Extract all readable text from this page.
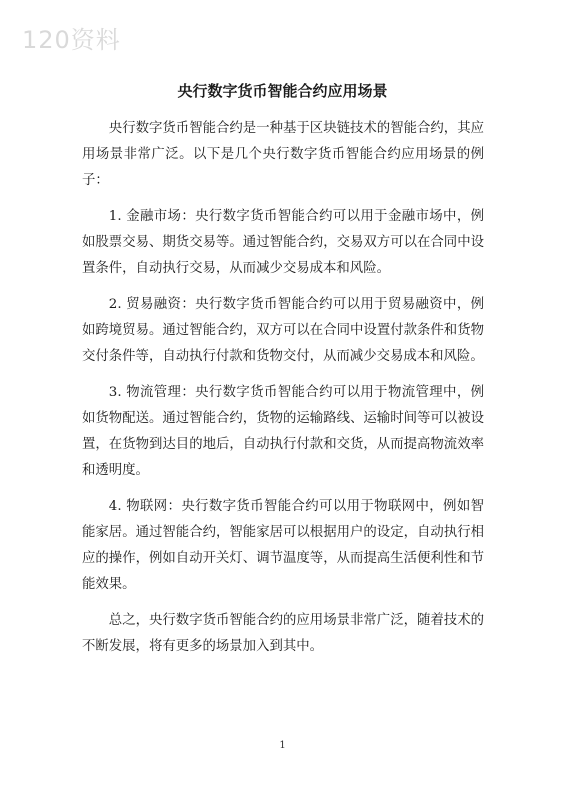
120资料
央行数字货币智能合约应用场景

央行数字货币智能合约是一种基于区块链技术的智能合约，其应用场景非常广泛。以下是几个央行数字货币智能合约应用场景的例子：

1. 金融市场：央行数字货币智能合约可以用于金融市场中，例如股票交易、期货交易等。通过智能合约，交易双方可以在合同中设置条件，自动执行交易，从而减少交易成本和风险。

2. 贸易融资：央行数字货币智能合约可以用于贸易融资中，例如跨境贸易。通过智能合约，双方可以在合同中设置付款条件和货物交付条件等，自动执行付款和货物交付，从而减少交易成本和风险。

3. 物流管理：央行数字货币智能合约可以用于物流管理中，例如货物配送。通过智能合约，货物的运输路线、运输时间等可以被设置，在货物到达目的地后，自动执行付款和交货，从而提高物流效率和透明度。

4. 物联网：央行数字货币智能合约可以用于物联网中，例如智能家居。通过智能合约，智能家居可以根据用户的设定，自动执行相应的操作，例如自动开关灯、调节温度等，从而提高生活便利性和节能效果。

总之，央行数字货币智能合约的应用场景非常广泛，随着技术的不断发展，将有更多的场景加入到其中。

1
